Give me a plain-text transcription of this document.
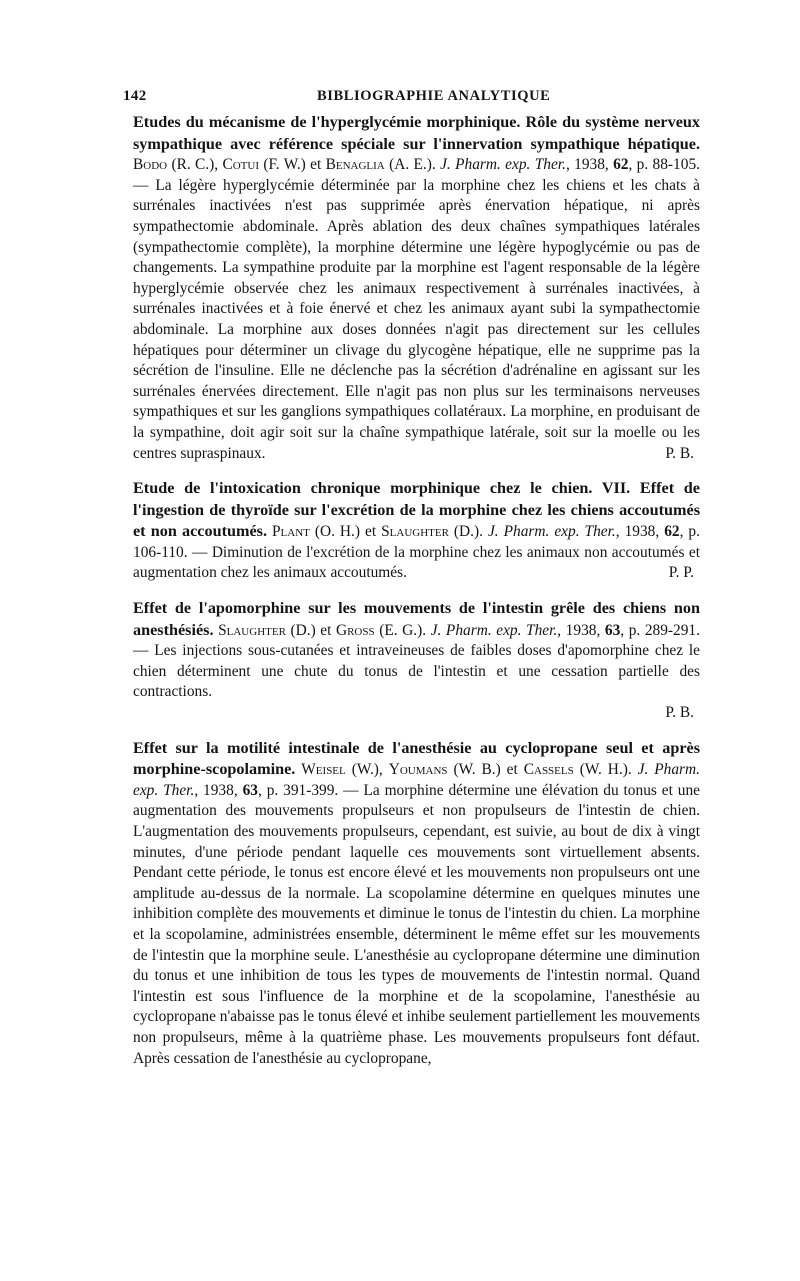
142	BIBLIOGRAPHIE ANALYTIQUE
Etudes du mécanisme de l'hyperglycémie morphinique. Rôle du système nerveux sympathique avec référence spéciale sur l'innervation sympathique hépatique. Bodo (R. C.), Cotui (F. W.) et Benaglia (A. E.). J. Pharm. exp. Ther., 1938, 62, p. 88-105. — La légère hyperglycémie déterminée par la morphine chez les chiens et les chats à surrénales inactivées n'est pas supprimée après énervation hépatique, ni après sympathectomie abdominale. Après ablation des deux chaînes sympathiques latérales (sympathectomie complète), la morphine détermine une légère hypoglycémie ou pas de changements. La sympathine produite par la morphine est l'agent responsable de la légère hyperglycémie observée chez les animaux respectivement à surrénales inactivées, à surrénales inactivées et à foie énervé et chez les animaux ayant subi la sympathectomie abdominale. La morphine aux doses données n'agit pas directement sur les cellules hépatiques pour déterminer un clivage du glycogène hépatique, elle ne supprime pas la sécrétion de l'insuline. Elle ne déclenche pas la sécrétion d'adrénaline en agissant sur les surrénales énervées directement. Elle n'agit pas non plus sur les terminaisons nerveuses sympathiques et sur les ganglions sympathiques collatéraux. La morphine, en produisant de la sympathine, doit agir soit sur la chaîne sympathique latérale, soit sur la moelle ou les centres supraspinaux.	P. B.
Etude de l'intoxication chronique morphinique chez le chien. VII. Effet de l'ingestion de thyroïde sur l'excrétion de la morphine chez les chiens accoutumés et non accoutumés. Plant (O. H.) et Slaughter (D.). J. Pharm. exp. Ther., 1938, 62, p. 106-110. — Diminution de l'excrétion de la morphine chez les animaux non accoutumés et augmentation chez les animaux accoutumés.	P. P.
Effet de l'apomorphine sur les mouvements de l'intestin grêle des chiens non anesthésiés. Slaughter (D.) et Gross (E. G.). J. Pharm. exp. Ther., 1938, 63, p. 289-291. — Les injections sous-cutanées et intraveineuses de faibles doses d'apomorphine chez le chien déterminent une chute du tonus de l'intestin et une cessation partielle des contractions.
P. B.
Effet sur la motilité intestinale de l'anesthésie au cyclopropane seul et après morphine-scopolamine. Weisel (W.), Youmans (W. B.) et Cassels (W. H.). J. Pharm. exp. Ther., 1938, 63, p. 391-399. — La morphine détermine une élévation du tonus et une augmentation des mouvements propulseurs et non propulseurs de l'intestin de chien. L'augmentation des mouvements propulseurs, cependant, est suivie, au bout de dix à vingt minutes, d'une période pendant laquelle ces mouvements sont virtuellement absents. Pendant cette période, le tonus est encore élevé et les mouvements non propulseurs ont une amplitude au-dessus de la normale. La scopolamine détermine en quelques minutes une inhibition complète des mouvements et diminue le tonus de l'intestin du chien. La morphine et la scopolamine, administrées ensemble, déterminent le même effet sur les mouvements de l'intestin que la morphine seule. L'anesthésie au cyclopropane détermine une diminution du tonus et une inhibition de tous les types de mouvements de l'intestin normal. Quand l'intestin est sous l'influence de la morphine et de la scopolamine, l'anesthésie au cyclopropane n'abaisse pas le tonus élevé et inhibe seulement partiellement les mouvements non propulseurs, même à la quatrième phase. Les mouvements propulseurs font défaut. Après cessation de l'anesthésie au cyclopropane,
